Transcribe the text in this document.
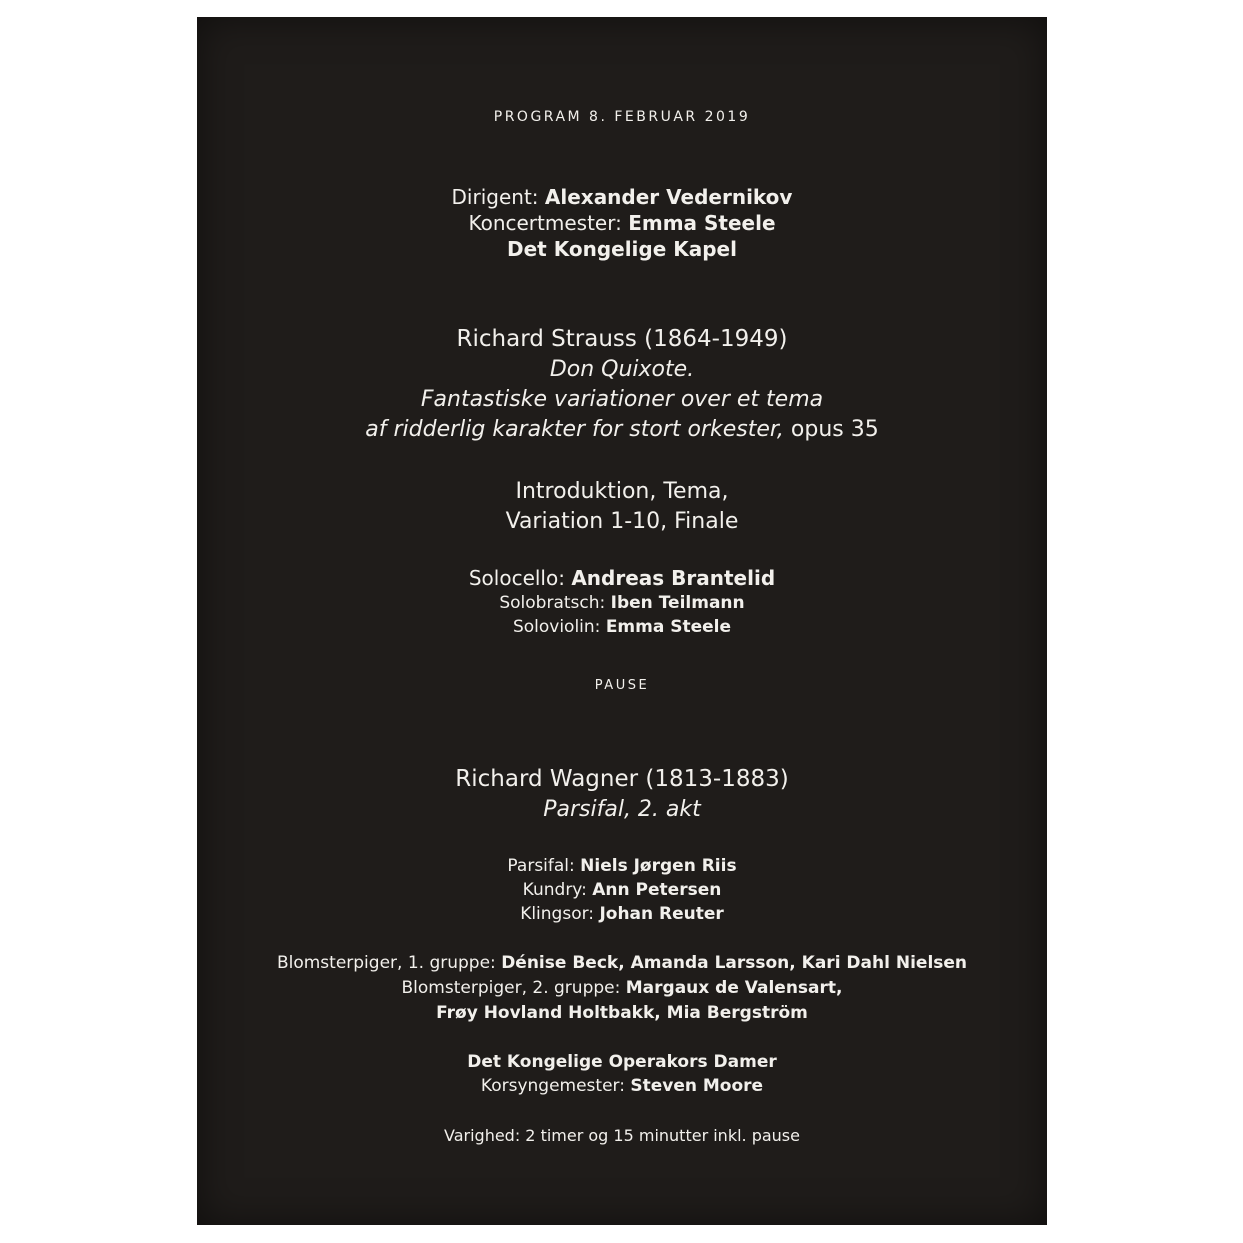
PROGRAM 8. FEBRUAR 2019
Dirigent: Alexander Vedernikov
Koncertmester: Emma Steele
Det Kongelige Kapel
Richard Strauss (1864-1949)
Don Quixote.
Fantastiske variationer over et tema
af ridderlig karakter for stort orkester, opus 35
Introduktion, Tema,
Variation 1-10, Finale
Solocello: Andreas Brantelid
Solobratsch: Iben Teilmann
Soloviolin: Emma Steele
PAUSE
Richard Wagner (1813-1883)
Parsifal, 2. akt
Parsifal: Niels Jørgen Riis
Kundry: Ann Petersen
Klingsor: Johan Reuter
Blomsterpiger, 1. gruppe: Dénise Beck, Amanda Larsson, Kari Dahl Nielsen
Blomsterpiger, 2. gruppe: Margaux de Valensart,
Frøy Hovland Holtbakk, Mia Bergström
Det Kongelige Operakors Damer
Korsyngemester: Steven Moore
Varighed: 2 timer og 15 minutter inkl. pause
